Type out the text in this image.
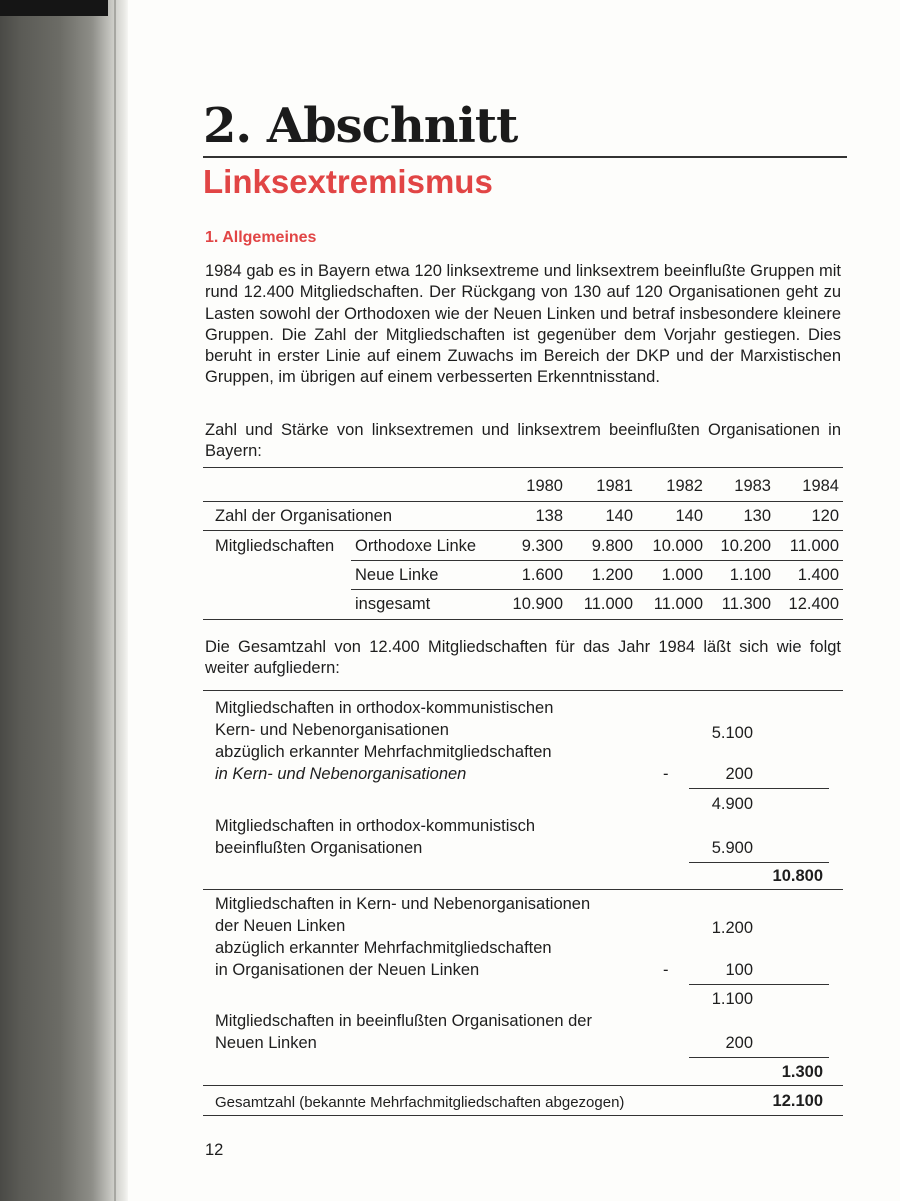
2. Abschnitt
Linksextremismus
1. Allgemeines

1984 gab es in Bayern etwa 120 linksextreme und linksextrem beeinflußte Gruppen mit rund 12.400 Mitgliedschaften. Der Rückgang von 130 auf 120 Organisationen geht zu Lasten sowohl der Orthodoxen wie der Neuen Linken und betraf insbesondere kleinere Gruppen. Die Zahl der Mitgliedschaften ist gegenüber dem Vorjahr gestiegen. Dies beruht in erster Linie auf einem Zuwachs im Bereich der DKP und der Marxistischen Gruppen, im übrigen auf einem verbesserten Erkenntnisstand.

Zahl und Stärke von linksextremen und linksextrem beeinflußten Organisationen in Bayern:

1980	1981	1982	1983	1984
Zahl der Organisationen	138	140	140	130	120
Mitgliedschaften Orthodoxe Linke	9.300	9.800	10.000	10.200	11.000
Neue Linke	1.600	1.200	1.000	1.100	1.400
insgesamt	10.900	11.000	11.000	11.300	12.400

Die Gesamtzahl von 12.400 Mitgliedschaften für das Jahr 1984 läßt sich wie folgt weiter aufgliedern:

Mitgliedschaften in orthodox-kommunistischen
Kern- und Nebenorganisationen	5.100
abzüglich erkannter Mehrfachmitgliedschaften
in Kern- und Nebenorganisationen	-	200
4.900
Mitgliedschaften in orthodox-kommunistisch
beeinflußten Organisationen	5.900
10.800
Mitgliedschaften in Kern- und Nebenorganisationen
der Neuen Linken	1.200
abzüglich erkannter Mehrfachmitgliedschaften
in Organisationen der Neuen Linken	-	100
1.100
Mitgliedschaften in beeinflußten Organisationen der
Neuen Linken	200
1.300
Gesamtzahl (bekannte Mehrfachmitgliedschaften abgezogen)	12.100

12
